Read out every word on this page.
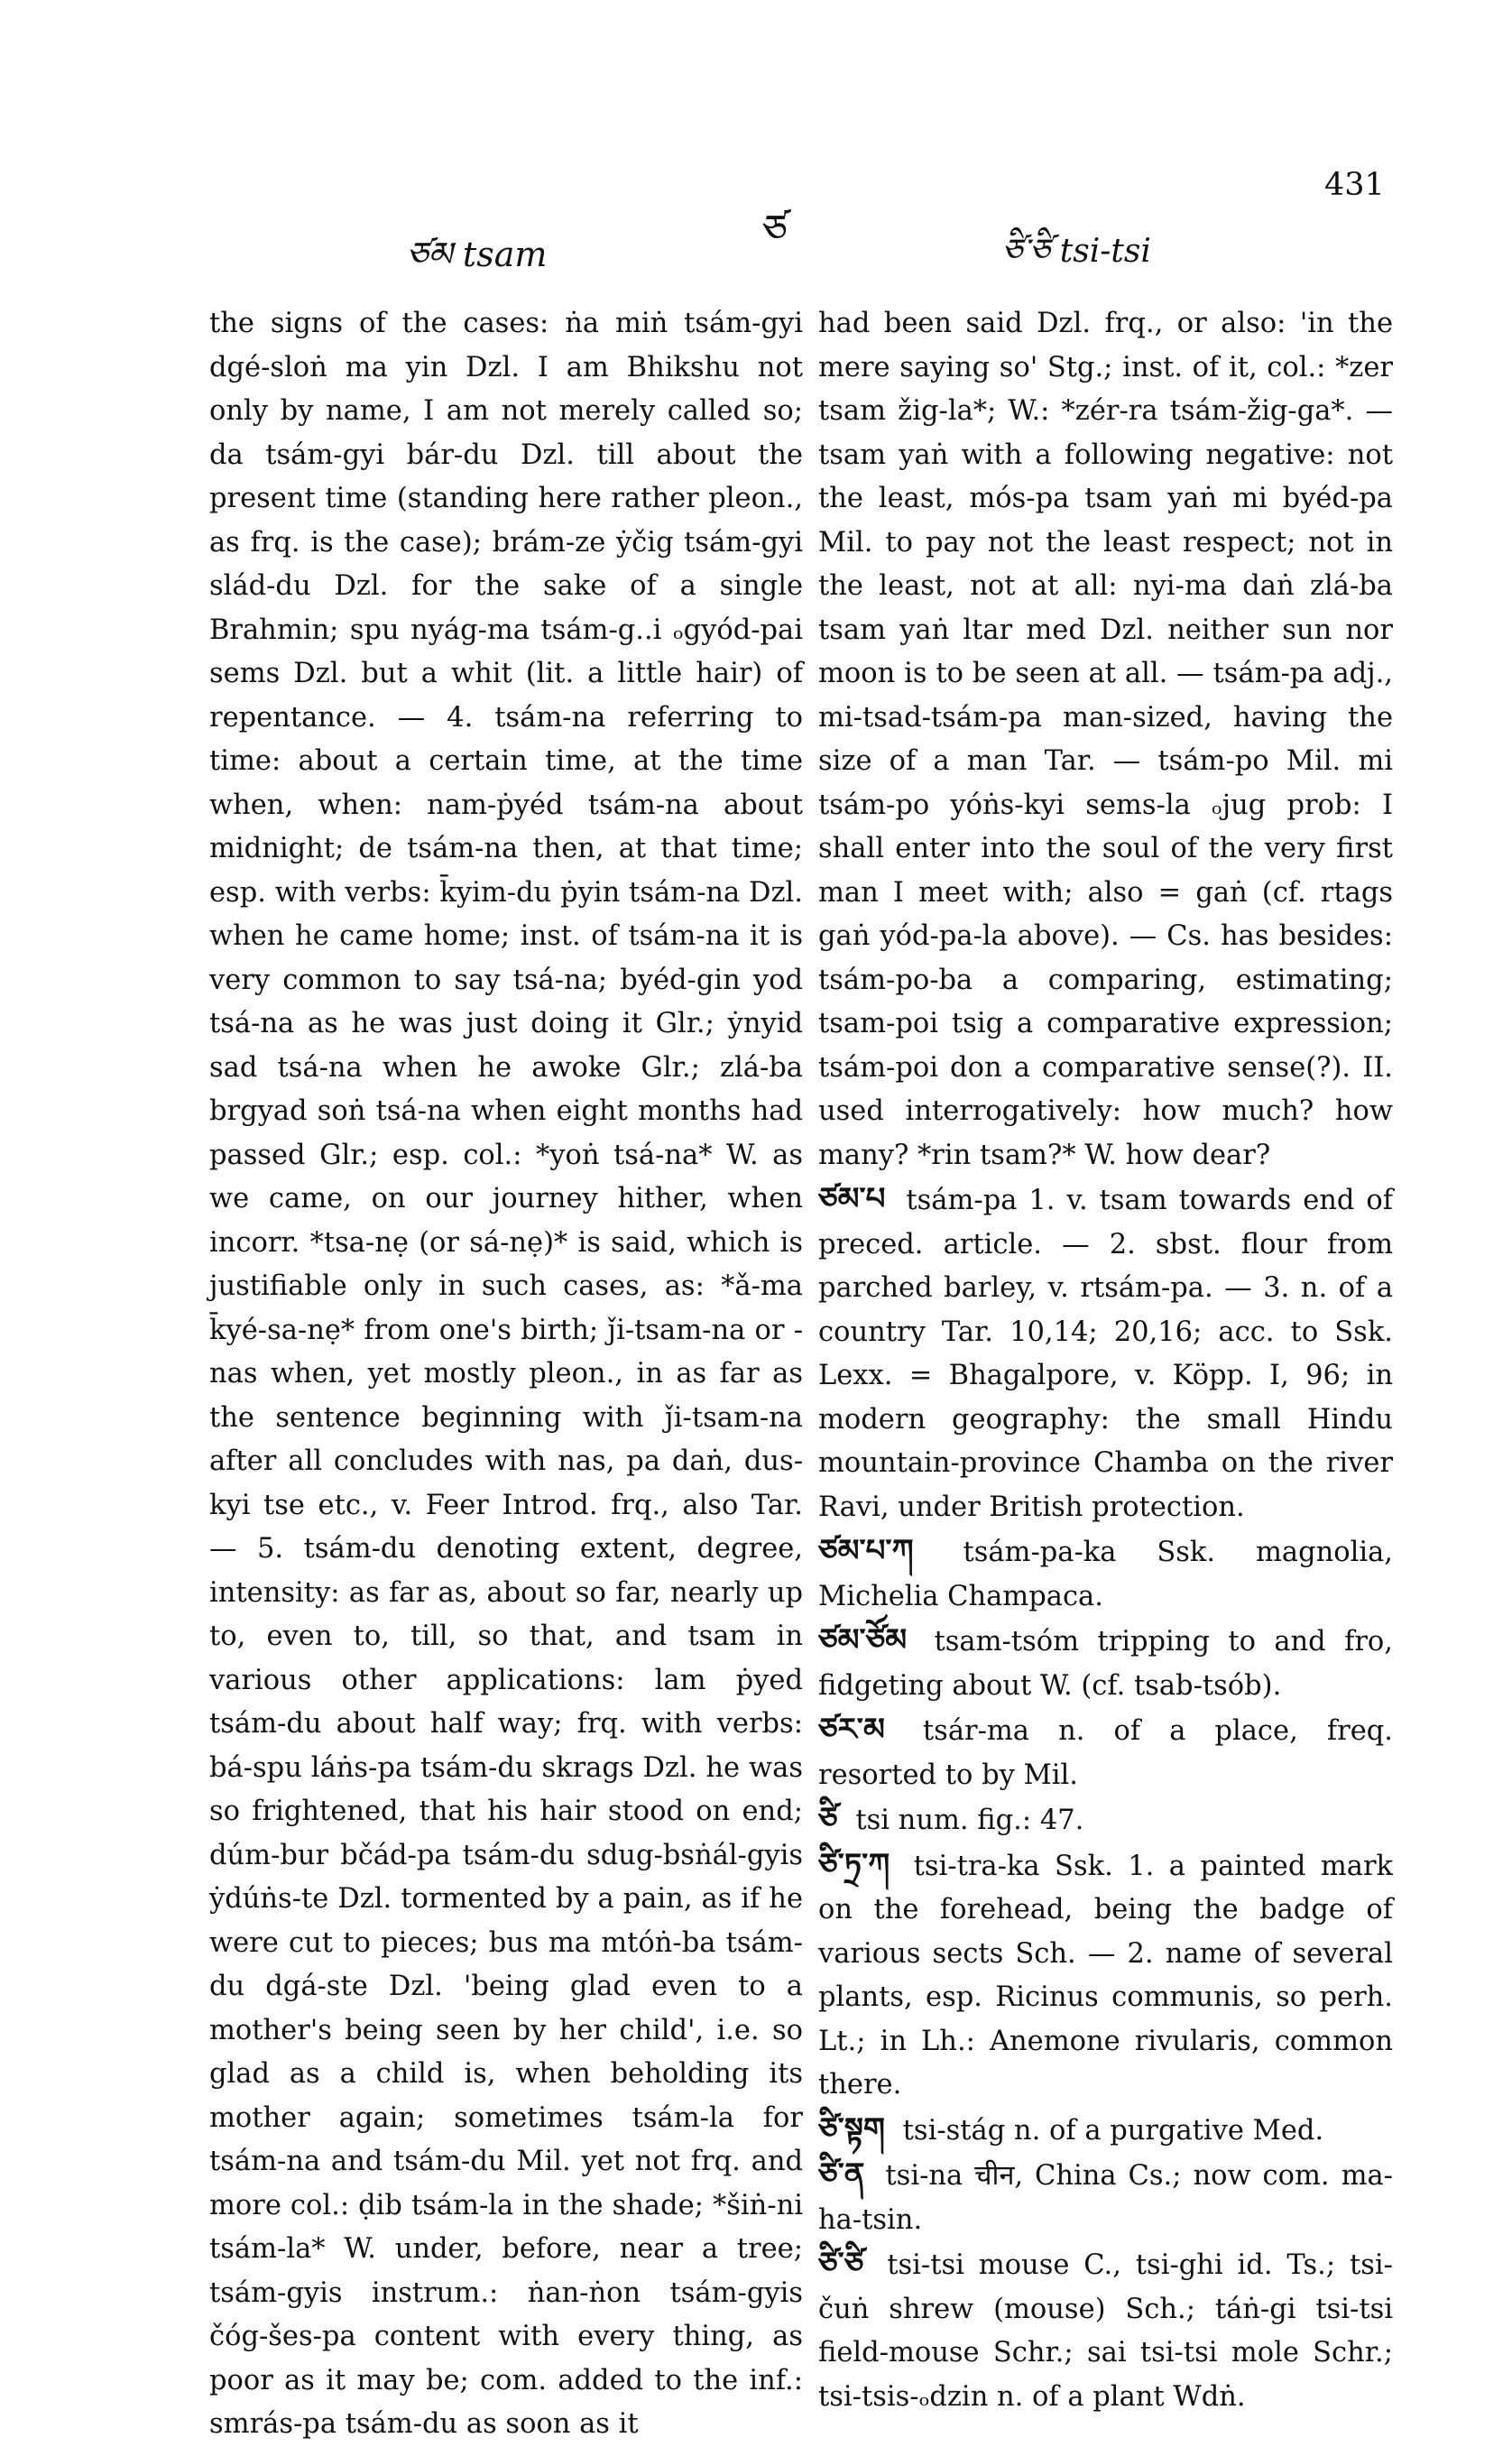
ཙམ tsam
ཙ	ཙི་ཙི tsi-tsi
431

the signs of the cases: ṅa miṅ tsám-gyi dgé-sloṅ ma yin Dzl. I am Bhikshu not only by name, I am not merely called so; da tsám-gyi bár-du Dzl. till about the present time (standing here rather pleon., as frq. is the case); brám-ze ẏčig tsám-gyi slád-du Dzl. for the sake of a single Brahmin; spu nyág-ma tsám-g..i ₒgyód-pai sems Dzl. but a whit (lit. a little hair) of repentance. — 4. tsám-na referring to time: about a certain time, at the time when, when: nam-ṗyéd tsám-na about midnight; de tsám-na then, at that time; esp. with verbs: k̄yim-du ṗyin tsám-na Dzl. when he came home; inst. of tsám-na it is very common to say tsá-na; byéd-gin yod tsá-na as he was just doing it Glr.; ẏnyid sad tsá-na when he awoke Glr.; zlá-ba brgyad soṅ tsá-na when eight months had passed Glr.; esp. col.: *yoṅ tsá-na* W. as we came, on our journey hither, when incorr. *tsa-nẹ (or sá-nẹ)* is said, which is justifiable only in such cases, as: *ǎ-ma k̄yé-sa-nẹ* from one's birth; ǰi-tsam-na or -nas when, yet mostly pleon., in as far as the sentence beginning with ǰi-tsam-na after all concludes with nas, pa daṅ, dus-kyi tse etc., v. Feer Introd. frq., also Tar. — 5. tsám-du denoting extent, degree, intensity: as far as, about so far, nearly up to, even to, till, so that, and tsam in various other applications: lam ṗyed tsám-du about half way; frq. with verbs: bá-spu láṅs-pa tsám-du skrags Dzl. he was so frightened, that his hair stood on end; dúm-bur bčád-pa tsám-du sdug-bsṅál-gyis ẏdúṅs-te Dzl. tormented by a pain, as if he were cut to pieces; bus ma mtóṅ-ba tsám-du dgá-ste Dzl. 'being glad even to a mother's being seen by her child', i.e. so glad as a child is, when beholding its mother again; sometimes tsám-la for tsám-na and tsám-du Mil. yet not frq. and more col.: ḍib tsám-la in the shade; *šiṅ-ni tsám-la* W. under, before, near a tree; tsám-gyis instrum.: ṅan-ṅon tsám-gyis čóg-šes-pa content with every thing, as poor as it may be; com. added to the inf.: smrás-pa tsám-du as soon as it

had been said Dzl. frq., or also: 'in the mere saying so' Stg.; inst. of it, col.: *zer tsam žig-la*; W.: *zér-ra tsám-žig-ga*. — tsam yaṅ with a following negative: not the least, mós-pa tsam yaṅ mi byéd-pa Mil. to pay not the least respect; not in the least, not at all: nyi-ma daṅ zlá-ba tsam yaṅ ltar med Dzl. neither sun nor moon is to be seen at all. — tsám-pa adj., mi-tsad-tsám-pa man-sized, having the size of a man Tar. — tsám-po Mil. mi tsám-po yóṅs-kyi sems-la ₒjug prob: I shall enter into the soul of the very first man I meet with; also = gaṅ (cf. rtags gaṅ yód-pa-la above). — Cs. has besides: tsám-po-ba a comparing, estimating; tsam-poi tsig a comparative expression; tsám-poi don a comparative sense(?). II. used interrogatively: how much? how many? *rin tsam?* W. how dear?

ཙམ་པ tsám-pa 1. v. tsam towards end of preced. article. — 2. sbst. flour from parched barley, v. rtsám-pa. — 3. n. of a country Tar. 10,14; 20,16; acc. to Ssk. Lexx. = Bhagalpore, v. Köpp. I, 96; in modern geography: the small Hindu mountain-province Chamba on the river Ravi, under British protection.
ཙམ་པ་ཀ tsám-pa-ka Ssk. magnolia, Michelia Champaca.
ཙམ་ཙོམ tsam-tsóm tripping to and fro, fidgeting about W. (cf. tsab-tsób).
ཙར་མ tsár-ma n. of a place, freq. resorted to by Mil.
ཙི tsi num. fig.: 47.
ཙི་ཏྲ་ཀ tsi-tra-ka Ssk. 1. a painted mark on the forehead, being the badge of various sects Sch. — 2. name of several plants, esp. Ricinus communis, so perh. Lt.; in Lh.: Anemone rivularis, common there.
ཙི་སྟག tsi-stág n. of a purgative Med.
ཙི་ན tsi-na चीन, China Cs.; now com. ma-ha-tsin.
ཙི་ཙི tsi-tsi mouse C., tsi-ghi id. Ts.; tsi-čuṅ shrew (mouse) Sch.; táṅ-gi tsi-tsi field-mouse Schr.; sai tsi-tsi mole Schr.; tsi-tsis-ₒdzin n. of a plant Wdṅ.
